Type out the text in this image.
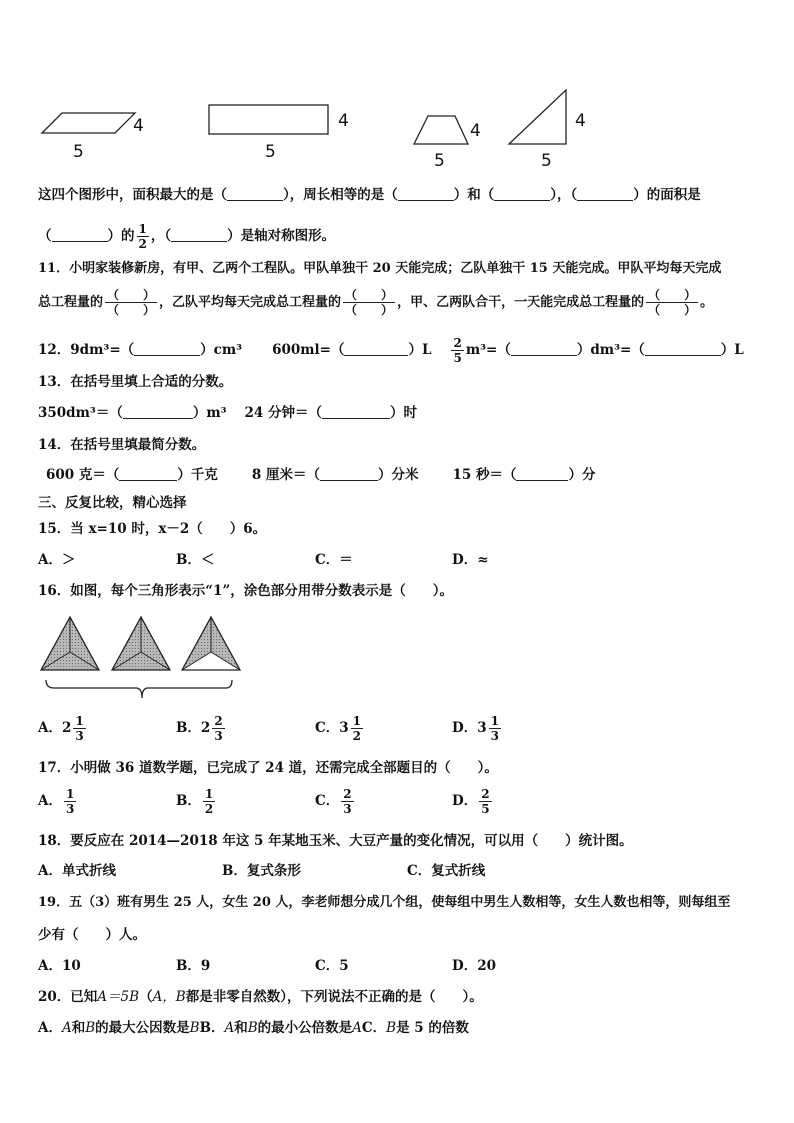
4
5
4
5
4
5
4
5
这四个图形中，面积最大的是（	），周长相等的是（	）和（	），（	）的面积是
（	）的 $\frac{1}{2}$ ，（	）是轴对称图形。
11．小明家装修新房，有甲、乙两个工程队。甲队单独干 20 天能完成；乙队单独干 15 天能完成。甲队平均每天完成
总工程量的 $\frac{( )}{( )}$ ，乙队平均每天完成总工程量的 $\frac{( )}{( )}$ ，甲、乙两队合干，一天能完成总工程量的 $\frac{( )}{( )}$ 。
12．9dm³=（	）cm³ 600ml=（	）$L \frac{2}{5} m^3=$（	）dm³=（	）L
13．在括号里填上合适的分数。
350dm³＝（	）m³ 24 分钟＝（	）时
14．在括号里填最简分数。
600 克＝（	）千克	8 厘米＝（	）分米	15 秒＝（	）分
三、反复比较，精心选择
15．当 x=10 时，x－2（　　）6。
A．＞	B．＜	C．＝	D．≈
16．如图，每个三角形表示“1”，涂色部分用带分数表示是（　　）。
A．$2 \frac{1}{3}$	B．$2 \frac{2}{3}$	C．$3 \frac{1}{2}$	D．$3 \frac{1}{3}$
17．小明做 36 道数学题，已完成了 24 道，还需完成全部题目的（　　）。
A． $\frac{1}{3}$	B． $\frac{1}{2}$	C． $\frac{2}{3}$	D． $\frac{2}{5}$
18．要反应在 2014—2018 年这 5 年某地玉米、大豆产量的变化情况，可以用（　　）统计图。
A．单式折线	B．复式条形	C．复式折线
19．五（3）班有男生 25 人，女生 20 人，李老师想分成几个组，使每组中男生人数相等，女生人数也相等，则每组至
少有（　　）人。
A．10	B．9	C．5	D．20
20．已知A＝5B（A，B都是非零自然数），下列说法不正确的是（　　）。
A．A和B的最大公因数是BB．A和B的最小公倍数是AC．B是 5 的倍数
